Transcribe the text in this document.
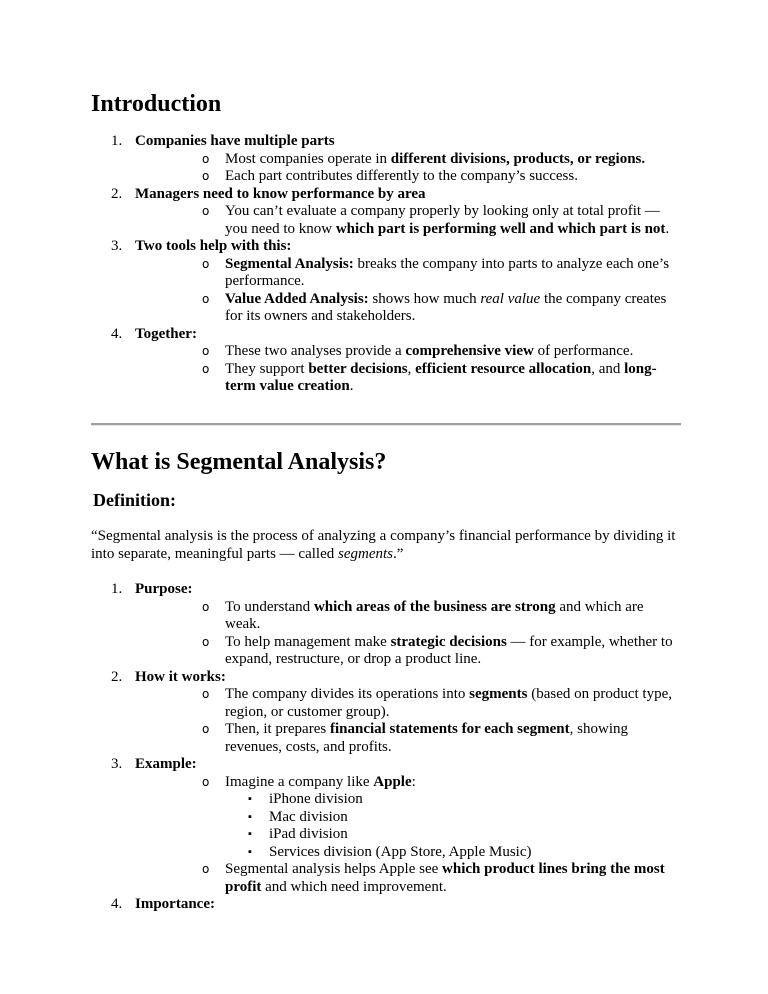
Introduction
1. Companies have multiple parts
o Most companies operate in different divisions, products, or regions.
o Each part contributes differently to the company’s success.
2. Managers need to know performance by area
o You can’t evaluate a company properly by looking only at total profit — you need to know which part is performing well and which part is not.
3. Two tools help with this:
o Segmental Analysis: breaks the company into parts to analyze each one’s performance.
o Value Added Analysis: shows how much real value the company creates for its owners and stakeholders.
4. Together:
o These two analyses provide a comprehensive view of performance.
o They support better decisions, efficient resource allocation, and long-term value creation.
What is Segmental Analysis?
Definition:

“Segmental analysis is the process of analyzing a company’s financial performance by dividing it into separate, meaningful parts — called segments.”

1. Purpose:
o To understand which areas of the business are strong and which are weak.
o To help management make strategic decisions — for example, whether to expand, restructure, or drop a product line.
2. How it works:
o The company divides its operations into segments (based on product type, region, or customer group).
o Then, it prepares financial statements for each segment, showing revenues, costs, and profits.
3. Example:
o Imagine a company like Apple:
▪ iPhone division
▪ Mac division
▪ iPad division
▪ Services division (App Store, Apple Music)
o Segmental analysis helps Apple see which product lines bring the most profit and which need improvement.
4. Importance:
